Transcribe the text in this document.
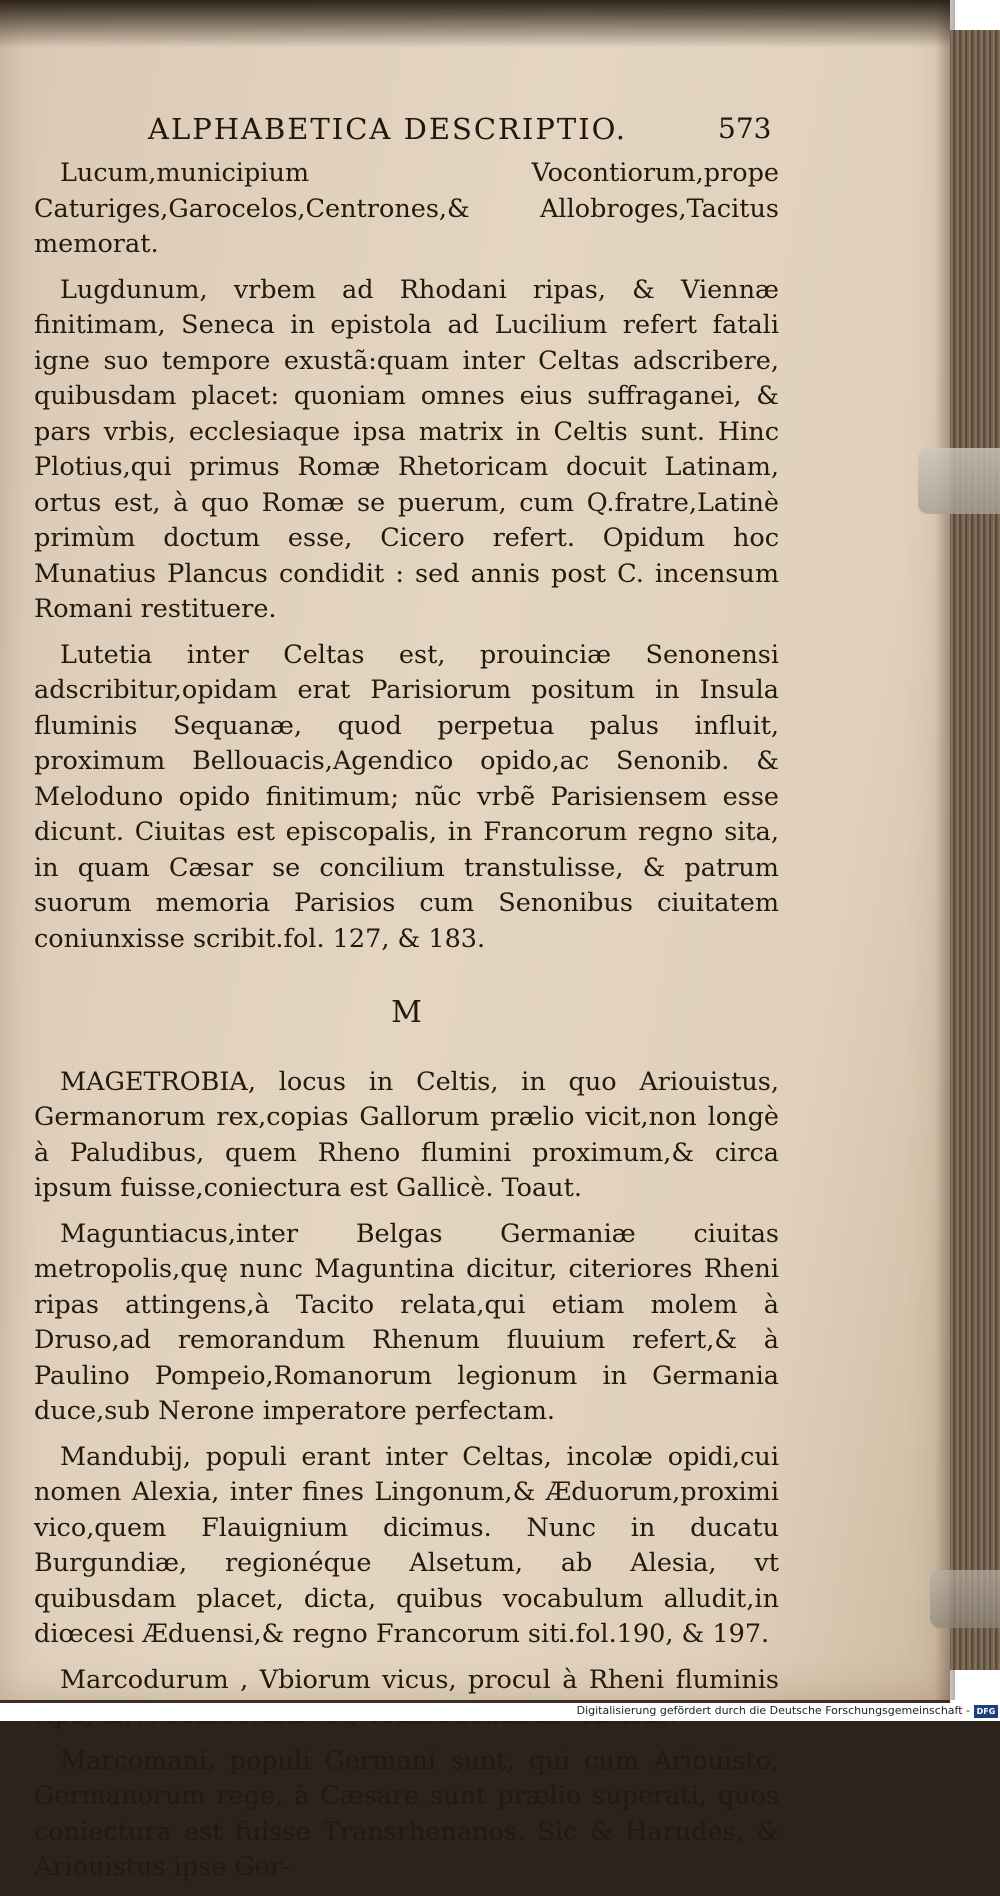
ALPHABETICA DESCRIPTIO.	573

Lucum,municipium Vocontiorum,prope Caturiges,Garocelos,Centrones,& Allobroges,Tacitus memorat.

Lugdunum, vrbem ad Rhodani ripas, & Viennæ finitimam, Seneca in epistola ad Lucilium refert fatali igne suo tempore exustã:quam inter Celtas adscribere, quibusdam placet: quoniam omnes eius suffraganei, & pars vrbis, ecclesiaque ipsa matrix in Celtis sunt. Hinc Plotius,qui primus Romæ Rhetoricam docuit Latinam, ortus est, à quo Romæ se puerum, cum Q.fratre,Latinè primùm doctum esse, Cicero refert. Opidum hoc Munatius Plancus condidit : sed annis post C. incensum Romani restituere.

Lutetia inter Celtas est, prouinciæ Senonensi adscribitur,opidam erat Parisiorum positum in Insula fluminis Sequanæ, quod perpetua palus influit, proximum Bellouacis,Agendico opido,ac Senonib. & Meloduno opido finitimum; nũc vrbẽ Parisiensem esse dicunt. Ciuitas est episcopalis, in Francorum regno sita, in quam Cæsar se concilium transtulisse, & patrum suorum memoria Parisios cum Senonibus ciuitatem coniunxisse scribit.fol. 127, & 183.

M

MAGETROBIA, locus in Celtis, in quo Ariouistus, Germanorum rex,copias Gallorum prælio vicit,non longè à Paludibus, quem Rheno flumini proximum,& circa ipsum fuisse,coniectura est Gallicè. Toaut.

Maguntiacus,inter Belgas Germaniæ ciuitas metropolis,quę nunc Maguntina dicitur, citeriores Rheni ripas attingens,à Tacito relata,qui etiam molem à Druso,ad remorandum Rhenum fluuium refert,& à Paulino Pompeio,Romanorum legionum in Germania duce,sub Nerone imperatore perfectam.

Mandubij, populi erant inter Celtas, incolæ opidi,cui nomen Alexia, inter fines Lingonum,& Æduorum,proximi vico,quem Flauignium dicimus. Nunc in ducatu Burgundiæ, regionéque Alsetum, ab Alesia, vt quibusdam placet, dicta, quibus vocabulum alludit,in diœcesi Æduensi,& regno Francorum siti.fol.190, & 197.

Marcodurum , Vbiorum vicus, procul à Rheni fluminis

Marcomani, populi Germani sunt, qui cum Ariouisto, Germanorum rege, à Cæsare sunt prælio superati, quos coniectura est fuisse Transrhenanos. Sic & Harudes, & Ariouistus ipse Ger-

Digitalisierung gefördert durch die Deutsche Forschungsgemeinschaft - DFG
